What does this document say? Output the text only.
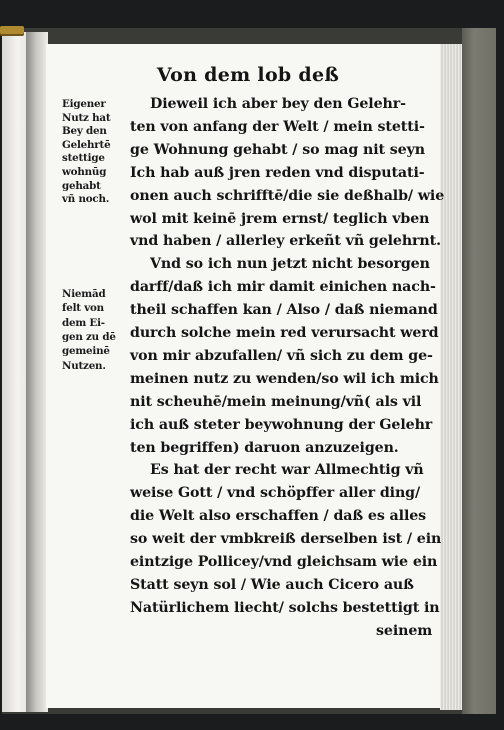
Von dem lob deß
Dieweil ich aber bey den Gelehr-
ten von anfang der Welt / mein stetti-
ge Wohnung gehabt / so mag nit seyn
Ich hab auß jren reden vnd disputati-
onen auch schrifftē/die sie deßhalb/ wie
wol mit keinē jrem ernst/ teglich vben
vnd haben / allerley erkeñt vñ gelehrnt.
Vnd so ich nun jetzt nicht besorgen
darff/daß ich mir damit einichen nach-
theil schaffen kan / Also / daß niemand
durch solche mein red verursacht werd
von mir abzufallen/ vñ sich zu dem ge-
meinen nutz zu wenden/so wil ich mich
nit scheuhē/mein meinung/vñ( als vil
ich auß steter beywohnung der Gelehr
ten begriffen) daruon anzuzeigen.
Es hat der recht war Allmechtig vñ
weise Gott / vnd schöpffer aller ding/
die Welt also erschaffen / daß es alles
so weit der vmbkreiß derselben ist / ein
eintzige Pollicey/vnd gleichsam wie ein
Statt seyn sol / Wie auch Cicero auß
Natürlichem liecht/ solchs bestettigt in
seinem
Eigener
Nutz hat
Bey den
Gelehrtē
stettige
wohnūg
gehabt
vñ noch.
Niemād
felt von
dem Ei-
gen zu dē
gemeinē
Nutzen.
